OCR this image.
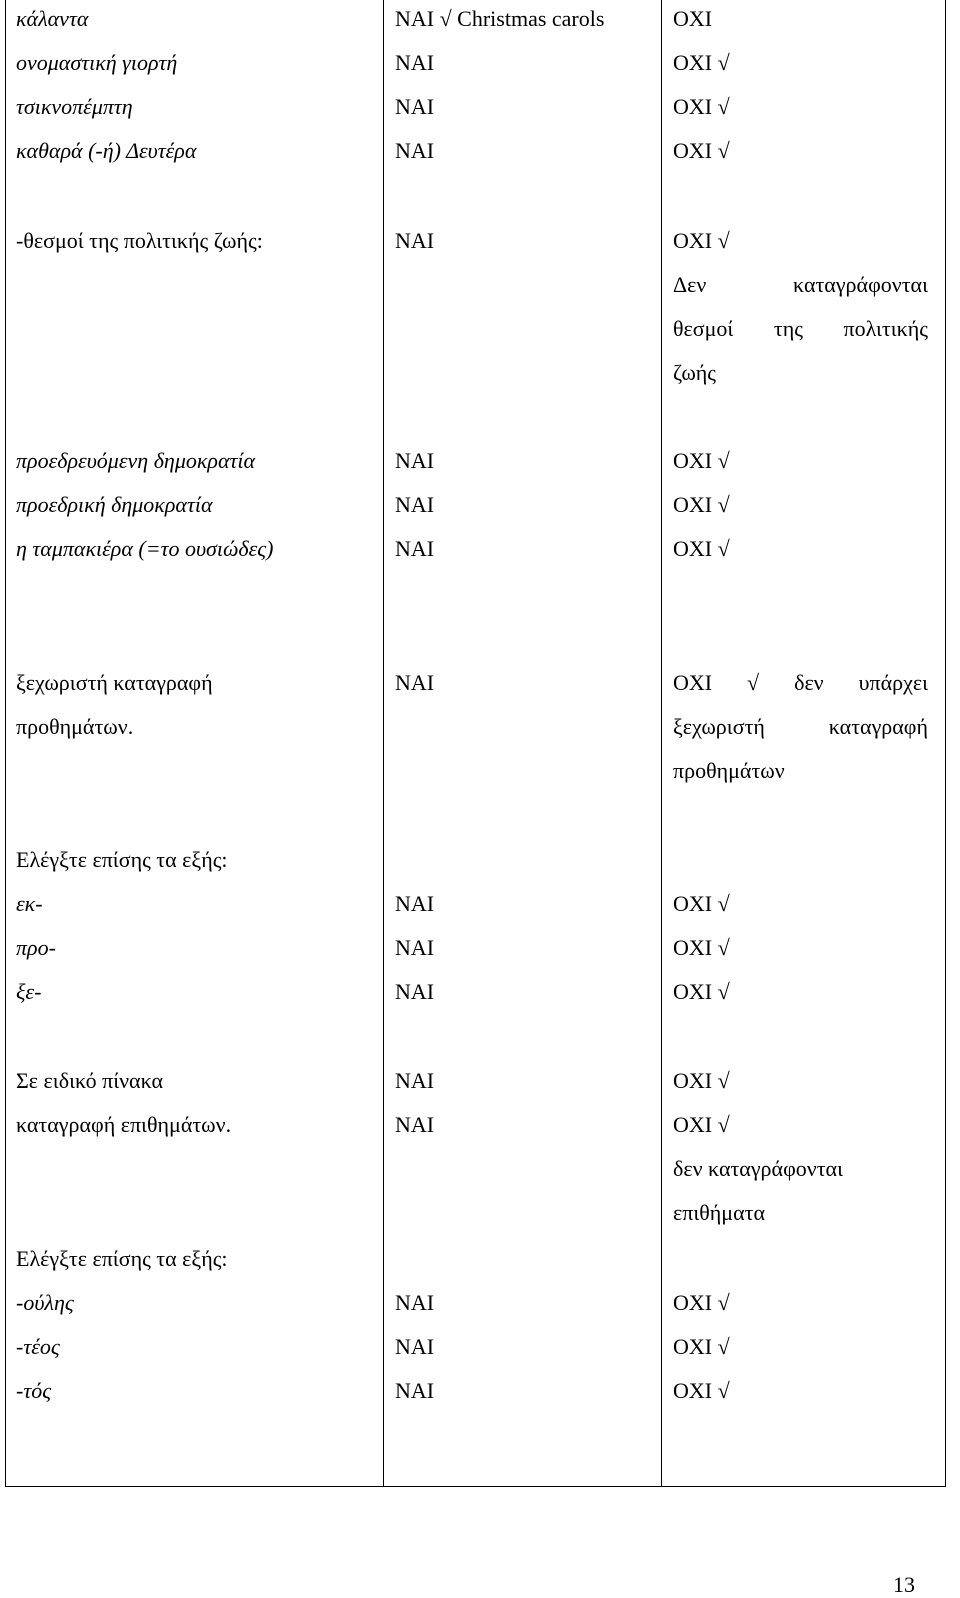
κάλαντα
ονομαστική γιορτή
τσικνοπέμπτη
καθαρά (-ή) Δευτέρα
-θεσμοί της πολιτικής ζωής:
προεδρευόμενη δημοκρατία
προεδρική δημοκρατία
η ταμπακιέρα (=το ουσιώδες)
ξεχωριστή καταγραφή
προθημάτων.
Ελέγξτε επίσης τα εξής:
εκ-
προ-
ξε-
Σε ειδικό πίνακα
καταγραφή επιθημάτων.
Ελέγξτε επίσης τα εξής:
-ούλης
-τέος
-τός
ΝΑΙ √ Christmas carols
ΝΑΙ
ΝΑΙ
ΝΑΙ
ΝΑΙ
ΝΑΙ
ΝΑΙ
ΝΑΙ
ΝΑΙ
ΝΑΙ
ΝΑΙ
ΝΑΙ
ΝΑΙ
ΝΑΙ
ΝΑΙ
ΝΑΙ
ΝΑΙ
ΟΧΙ
ΟΧΙ √
ΟΧΙ √
ΟΧΙ √
ΟΧΙ √
Δεν καταγράφονται
θεσμοί της πολιτικής
ζωής
ΟΧΙ √
ΟΧΙ √
ΟΧΙ √
ΟΧΙ √ δεν υπάρχει
ξεχωριστή καταγραφή
προθημάτων
ΟΧΙ √
ΟΧΙ √
ΟΧΙ √
ΟΧΙ √
ΟΧΙ √
δεν καταγράφονται
επιθήματα
ΟΧΙ √
ΟΧΙ √
ΟΧΙ √
13
